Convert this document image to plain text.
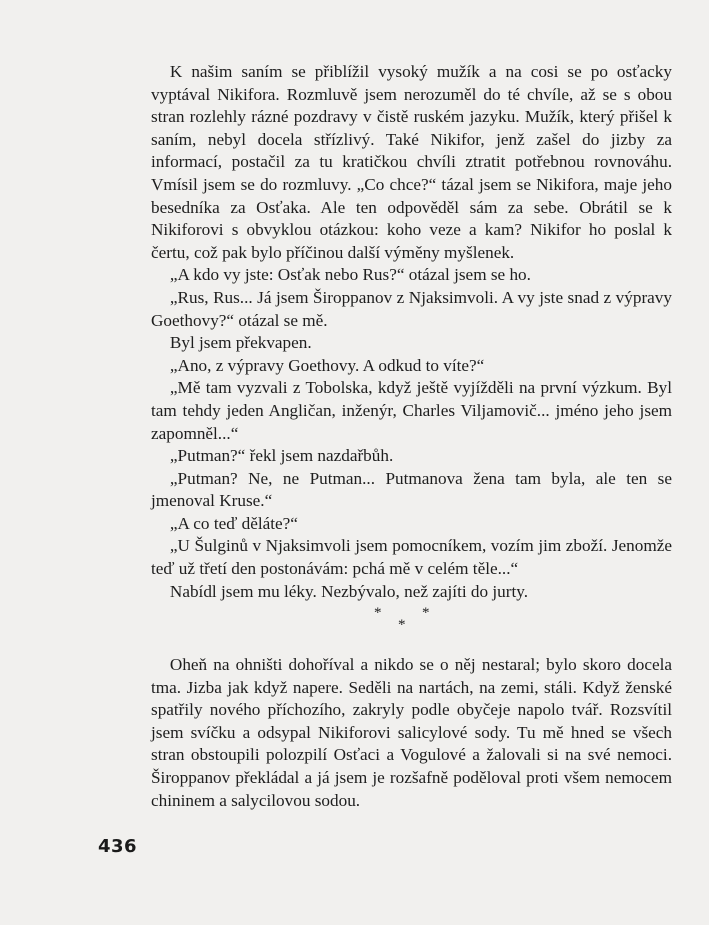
K našim saním se přiblížil vysoký mužík a na cosi se po osťacky vyptával Nikifora. Rozmluvě jsem nerozuměl do té chvíle, až se s obou stran rozlehly rázné pozdravy v čistě ruském jazyku. Mužík, který přišel k saním, nebyl docela střízlivý. Také Nikifor, jenž zašel do jizby za informací, postačil za tu kratičkou chvíli ztratit potřebnou rovnováhu. Vmísil jsem se do rozmluvy. „Co chce?“ tázal jsem se Nikifora, maje jeho besedníka za Osťaka. Ale ten odpověděl sám za sebe. Obrátil se k Nikiforovi s obvyklou otázkou: koho veze a kam? Nikifor ho poslal k čertu, což pak bylo příčinou další výměny myšlenek.

„A kdo vy jste: Osťak nebo Rus?“ otázal jsem se ho.

„Rus, Rus... Já jsem Široppanov z Njaksimvoli. A vy jste snad z výpravy Goethovy?“ otázal se mě.

Byl jsem překvapen.

„Ano, z výpravy Goethovy. A odkud to víte?“

„Mě tam vyzvali z Tobolska, když ještě vyjížděli na první výzkum. Byl tam tehdy jeden Angličan, inženýr, Charles Viljamovič... jméno jeho jsem zapomněl...“

„Putman?“ řekl jsem nazdařbůh.

„Putman? Ne, ne Putman... Putmanova žena tam byla, ale ten se jmenoval Kruse.“

„A co teď děláte?“

„U Šulginů v Njaksimvoli jsem pomocníkem, vozím jim zboží. Jenomže teď už třetí den postonávám: pchá mě v celém těle...“

Nabídl jsem mu léky. Nezbývalo, než zajíti do jurty.

*	*
*

Oheň na ohništi dohoříval a nikdo se o něj nestaral; bylo skoro docela tma. Jizba jak když napere. Seděli na nartách, na zemi, stáli. Když ženské spatřily nového příchozího, zakryly podle obyčeje napolo tvář. Rozsvítil jsem svíčku a odsypal Nikiforovi salicylové sody. Tu mě hned se všech stran obstoupili polozpilí Osťaci a Vogulové a žalovali si na své nemoci. Široppanov překládal a já jsem je rozšafně poděloval proti všem nemocem chininem a salycilovou sodou.

436
